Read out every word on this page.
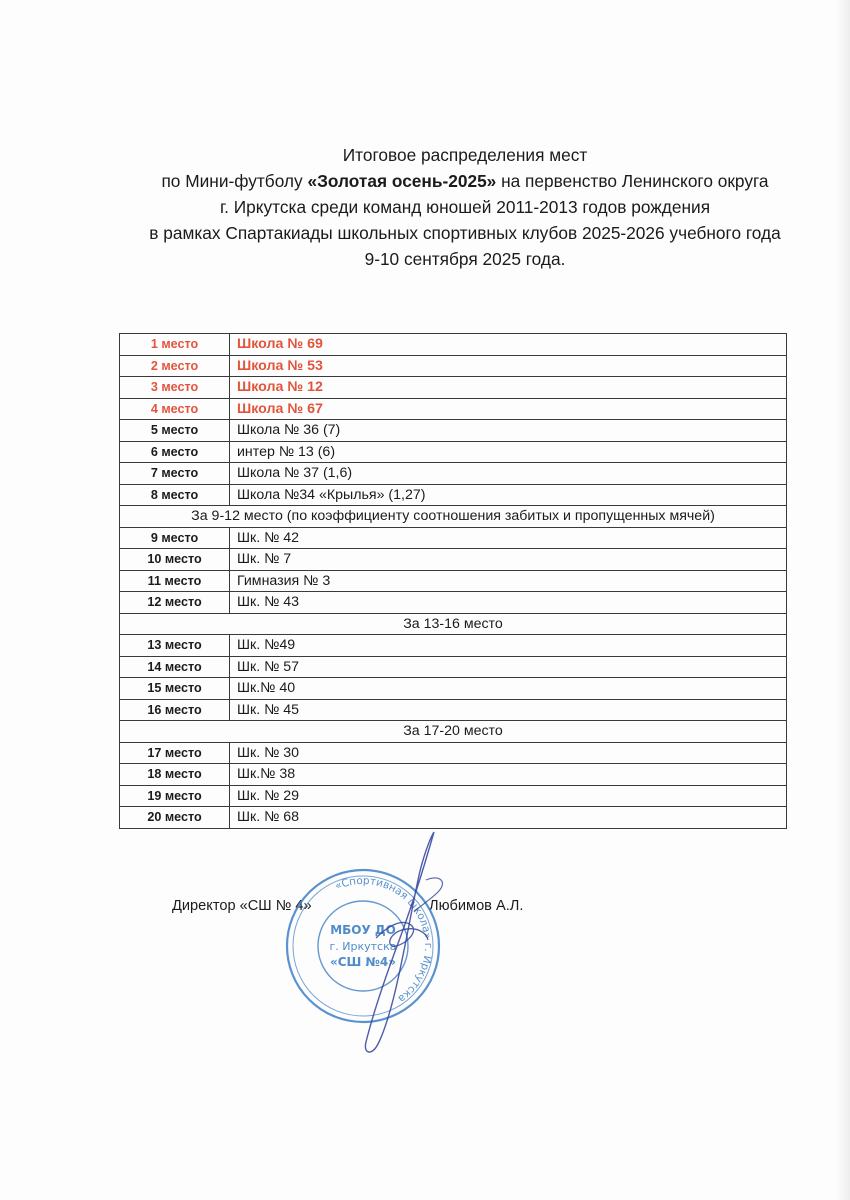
Итоговое распределения мест
по Мини-футболу «Золотая осень-2025» на первенство Ленинского округа
г. Иркутска среди команд юношей 2011-2013 годов рождения
в рамках Спартакиады школьных спортивных клубов 2025-2026 учебного года
9-10 сентября 2025 года.
1 место	Школа № 69
2 место	Школа № 53
3 место	Школа № 12
4 место	Школа № 67
5 место	Школа № 36 (7)
6 место	интер № 13 (6)
7 место	Школа № 37 (1,6)
8 место	Школа №34 «Крылья» (1,27)
За 9-12 место (по коэффициенту соотношения забитых и пропущенных мячей)	
9 место	Шк. № 42
10 место	Шк. № 7
11 место	Гимназия № 3
12 место	Шк. № 43
За 13-16 место	
13 место	Шк. №49
14 место	Шк. № 57
15 место	Шк.№ 40
16 место	Шк. № 45
За 17-20 место	
17 место	Шк. № 30
18 место	Шк.№ 38
19 место	Шк. № 29
20 место	Шк. № 68
Директор «СШ № 4»	Любимов А.Л.
«Спортивная школа» г. Иркутска
МБОУ ДО
г. Иркутска
«СШ №4»
